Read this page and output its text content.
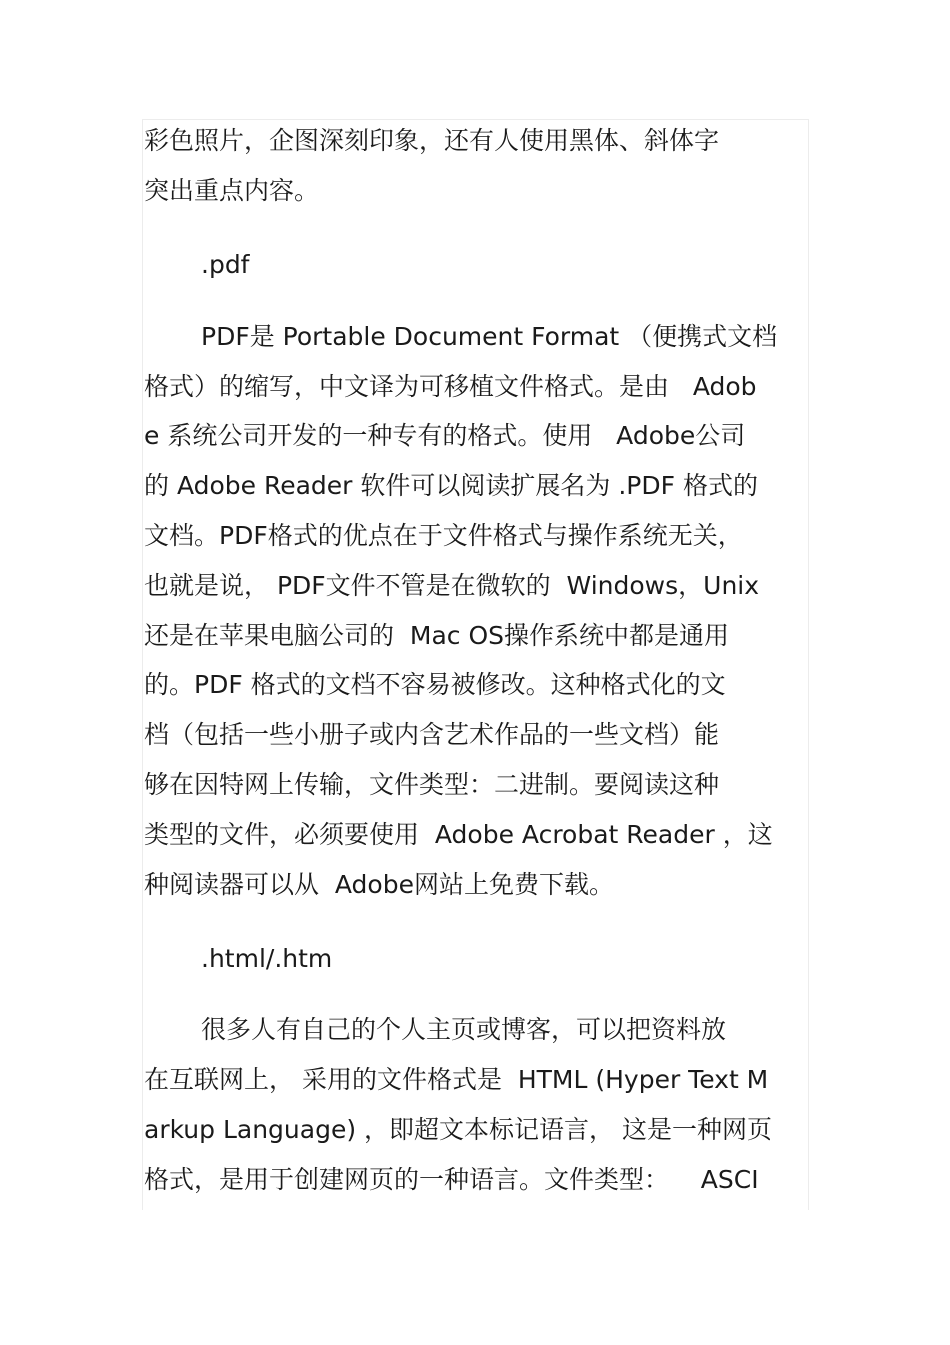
彩色照片，企图深刻印象，还有人使用黑体、斜体字
突出重点内容。
.pdf
PDF是 Portable Document Format （便携式文档
格式）的缩写，中文译为可移植文件格式。是由   Adob
e 系统公司开发的一种专有的格式。使用   Adobe公司
的 Adobe Reader 软件可以阅读扩展名为 .PDF 格式的
文档。PDF格式的优点在于文件格式与操作系统无关，
也就是说， PDF文件不管是在微软的  Windows，Unix
还是在苹果电脑公司的  Mac OS操作系统中都是通用
的。PDF 格式的文档不容易被修改。这种格式化的文
档（包括一些小册子或内含艺术作品的一些文档）能
够在因特网上传输，文件类型：二进制。要阅读这种
类型的文件，必须要使用  Adobe Acrobat Reader ，这
种阅读器可以从  Adobe网站上免费下载。
.html/.htm
很多人有自己的个人主页或博客，可以把资料放
在互联网上， 采用的文件格式是  HTML (Hyper Text M
arkup Language) ，即超文本标记语言， 这是一种网页
格式，是用于创建网页的一种语言。文件类型：    ASCI
